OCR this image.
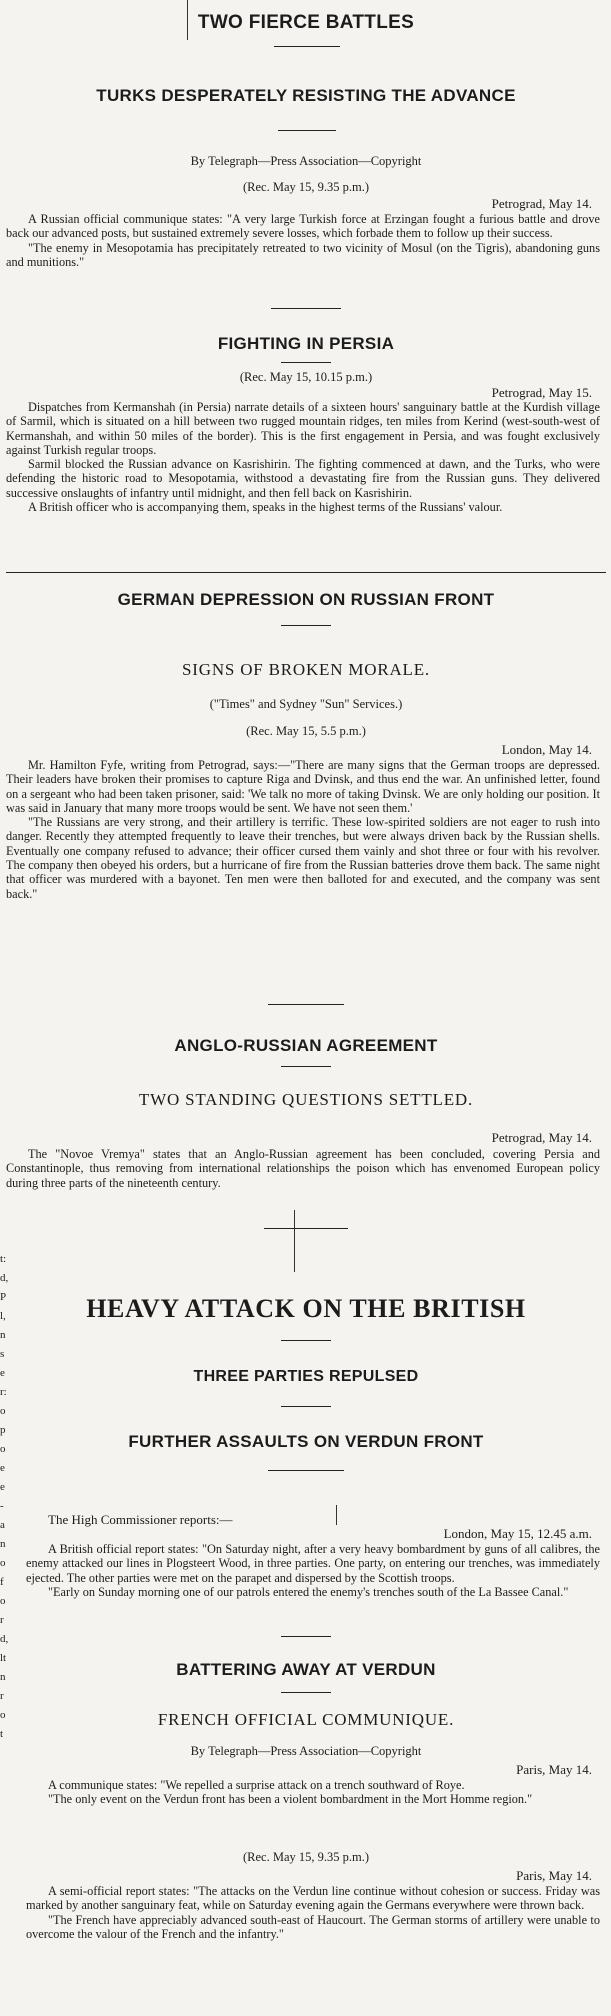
t: d, P l, n s e r: o p o e e- an of or d, lt nr ot
TWO FIERCE BATTLES
TURKS DESPERATELY RESISTING THE ADVANCE
By Telegraph—Press Association—Copyright
(Rec. May 15, 9.35 p.m.)
Petrograd, May 14.

A Russian official communique states: "A very large Turkish force at Erzingan fought a furious battle and drove back our advanced posts, but sustained extremely severe losses, which forbade them to follow up their success.

"The enemy in Mesopotamia has precipitately retreated to two vicinity of Mosul (on the Tigris), abandoning guns and munitions."

FIGHTING IN PERSIA
(Rec. May 15, 10.15 p.m.)
Petrograd, May 15.

Dispatches from Kermanshah (in Persia) narrate details of a sixteen hours' sanguinary battle at the Kurdish village of Sarmil, which is situated on a hill between two rugged mountain ridges, ten miles from Kerind (west-south-west of Kermanshah, and within 50 miles of the border). This is the first engagement in Persia, and was fought exclusively against Turkish regular troops.

Sarmil blocked the Russian advance on Kasrishirin. The fighting commenced at dawn, and the Turks, who were defending the historic road to Mesopotamia, withstood a devastating fire from the Russian guns. They delivered successive onslaughts of infantry until midnight, and then fell back on Kasrishirin.

A British officer who is accompanying them, speaks in the highest terms of the Russians' valour.

GERMAN DEPRESSION ON RUSSIAN FRONT
SIGNS OF BROKEN MORALE.
("Times" and Sydney "Sun" Services.)
(Rec. May 15, 5.5 p.m.)
London, May 14.

Mr. Hamilton Fyfe, writing from Petrograd, says:—"There are many signs that the German troops are depressed. Their leaders have broken their promises to capture Riga and Dvinsk, and thus end the war. An unfinished letter, found on a sergeant who had been taken prisoner, said: 'We talk no more of taking Dvinsk. We are only holding our position. It was said in January that many more troops would be sent. We have not seen them.'

"The Russians are very strong, and their artillery is terrific. These low-spirited soldiers are not eager to rush into danger. Recently they attempted frequently to leave their trenches, but were always driven back by the Russian shells. Eventually one company refused to advance; their officer cursed them vainly and shot three or four with his revolver. The company then obeyed his orders, but a hurricane of fire from the Russian batteries drove them back. The same night that officer was murdered with a bayonet. Ten men were then balloted for and executed, and the company was sent back."

ANGLO-RUSSIAN AGREEMENT
TWO STANDING QUESTIONS SETTLED.
Petrograd, May 14.

The "Novoe Vremya" states that an Anglo-Russian agreement has been concluded, covering Persia and Constantinople, thus removing from international relationships the poison which has envenomed European policy during three parts of the nineteenth century.

HEAVY ATTACK ON THE BRITISH
THREE PARTIES REPULSED
FURTHER ASSAULTS ON VERDUN FRONT
The High Commissioner reports:—
London, May 15, 12.45 a.m.

A British official report states: "On Saturday night, after a very heavy bombardment by guns of all calibres, the enemy attacked our lines in Plogsteert Wood, in three parties. One party, on entering our trenches, was immediately ejected. The other parties were met on the parapet and dispersed by the Scottish troops.

"Early on Sunday morning one of our patrols entered the enemy's trenches south of the La Bassee Canal."

BATTERING AWAY AT VERDUN
FRENCH OFFICIAL COMMUNIQUE.
By Telegraph—Press Association—Copyright
Paris, May 14.

A communique states: "We repelled a surprise attack on a trench southward of Roye.

"The only event on the Verdun front has been a violent bombardment in the Mort Homme region."

(Rec. May 15, 9.35 p.m.)
Paris, May 14.

A semi-official report states: "The attacks on the Verdun line continue without cohesion or success. Friday was marked by another sanguinary feat, while on Saturday evening again the Germans everywhere were thrown back.

"The French have appreciably advanced south-east of Haucourt. The German storms of artillery were unable to overcome the valour of the French and the infantry."
